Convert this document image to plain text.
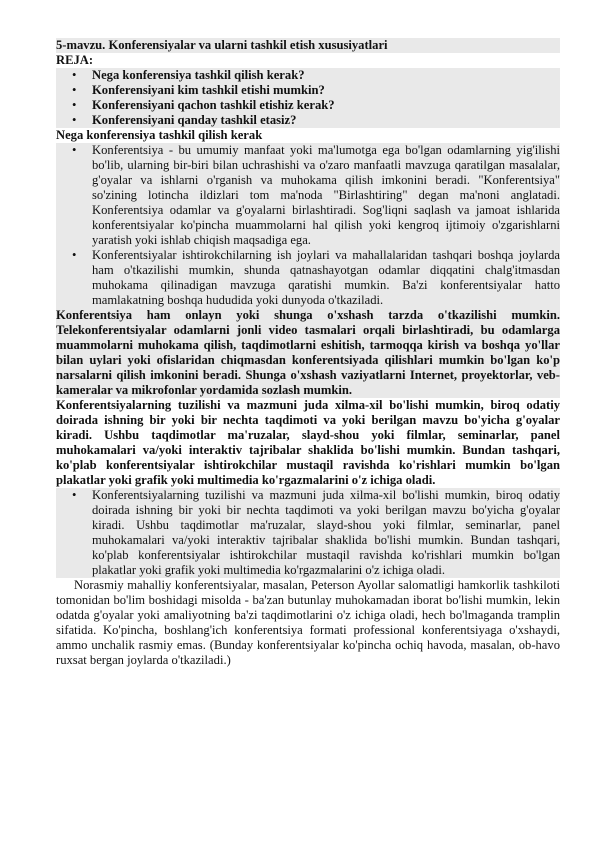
5-mavzu. Konferensiyalar va ularni tashkil etish xususiyatlari

REJA:

• Nega konferensiya tashkil qilish kerak?
• Konferensiyani kim tashkil etishi mumkin?
• Konferensiyani qachon tashkil etishiz kerak?
• Konferensiyani qanday tashkil etasiz?

Nega konferensiya tashkil qilish kerak

• Konferentsiya - bu umumiy manfaat yoki ma'lumotga ega bo'lgan odamlarning yig'ilishi bo'lib, ularning bir-biri bilan uchrashishi va o'zaro manfaatli mavzuga qaratilgan masalalar, g'oyalar va ishlarni o'rganish va muhokama qilish imkonini beradi. "Konferentsiya" so'zining lotincha ildizlari tom ma'noda "Birlashtiring" degan ma'noni anglatadi. Konferentsiya odamlar va g'oyalarni birlashtiradi. Sog'liqni saqlash va jamoat ishlarida konferentsiyalar ko'pincha muammolarni hal qilish yoki kengroq ijtimoiy o'zgarishlarni yaratish yoki ishlab chiqish maqsadiga ega.
• Konferentsiyalar ishtirokchilarning ish joylari va mahallalaridan tashqari boshqa joylarda ham o'tkazilishi mumkin, shunda qatnashayotgan odamlar diqqatini chalg'itmasdan muhokama qilinadigan mavzuga qaratishi mumkin. Ba'zi konferentsiyalar hatto mamlakatning boshqa hududida yoki dunyoda o'tkaziladi.

Konferentsiya ham onlayn yoki shunga o'xshash tarzda o'tkazilishi mumkin. Telekonferentsiyalar odamlarni jonli video tasmalari orqali birlashtiradi, bu odamlarga muammolarni muhokama qilish, taqdimotlarni eshitish, tarmoqqa kirish va boshqa yo'llar bilan uylari yoki ofislaridan chiqmasdan konferentsiyada qilishlari mumkin bo'lgan ko'p narsalarni qilish imkonini beradi. Shunga o'xshash vaziyatlarni Internet, proyektorlar, veb-kameralar va mikrofonlar yordamida sozlash mumkin.

Konferentsiyalarning tuzilishi va mazmuni juda xilma-xil bo'lishi mumkin, biroq odatiy doirada ishning bir yoki bir nechta taqdimoti va yoki berilgan mavzu bo'yicha g'oyalar kiradi. Ushbu taqdimotlar ma'ruzalar, slayd-shou yoki filmlar, seminarlar, panel muhokamalari va/yoki interaktiv tajribalar shaklida bo'lishi mumkin. Bundan tashqari, ko'plab konferentsiyalar ishtirokchilar mustaqil ravishda ko'rishlari mumkin bo'lgan plakatlar yoki grafik yoki multimedia ko'rgazmalarini o'z ichiga oladi.

• Konferentsiyalarning tuzilishi va mazmuni juda xilma-xil bo'lishi mumkin, biroq odatiy doirada ishning bir yoki bir nechta taqdimoti va yoki berilgan mavzu bo'yicha g'oyalar kiradi. Ushbu taqdimotlar ma'ruzalar, slayd-shou yoki filmlar, seminarlar, panel muhokamalari va/yoki interaktiv tajribalar shaklida bo'lishi mumkin. Bundan tashqari, ko'plab konferentsiyalar ishtirokchilar mustaqil ravishda ko'rishlari mumkin bo'lgan plakatlar yoki grafik yoki multimedia ko'rgazmalarini o'z ichiga oladi.

Norasmiy mahalliy konferentsiyalar, masalan, Peterson Ayollar salomatligi hamkorlik tashkiloti tomonidan bo'lim boshidagi misolda - ba'zan butunlay muhokamadan iborat bo'lishi mumkin, lekin odatda g'oyalar yoki amaliyotning ba'zi taqdimotlarini o'z ichiga oladi, hech bo'lmaganda tramplin sifatida. Ko'pincha, boshlang'ich konferentsiya formati professional konferentsiyaga o'xshaydi, ammo unchalik rasmiy emas. (Bunday konferentsiyalar ko'pincha ochiq havoda, masalan, ob-havo ruxsat bergan joylarda o'tkaziladi.)
